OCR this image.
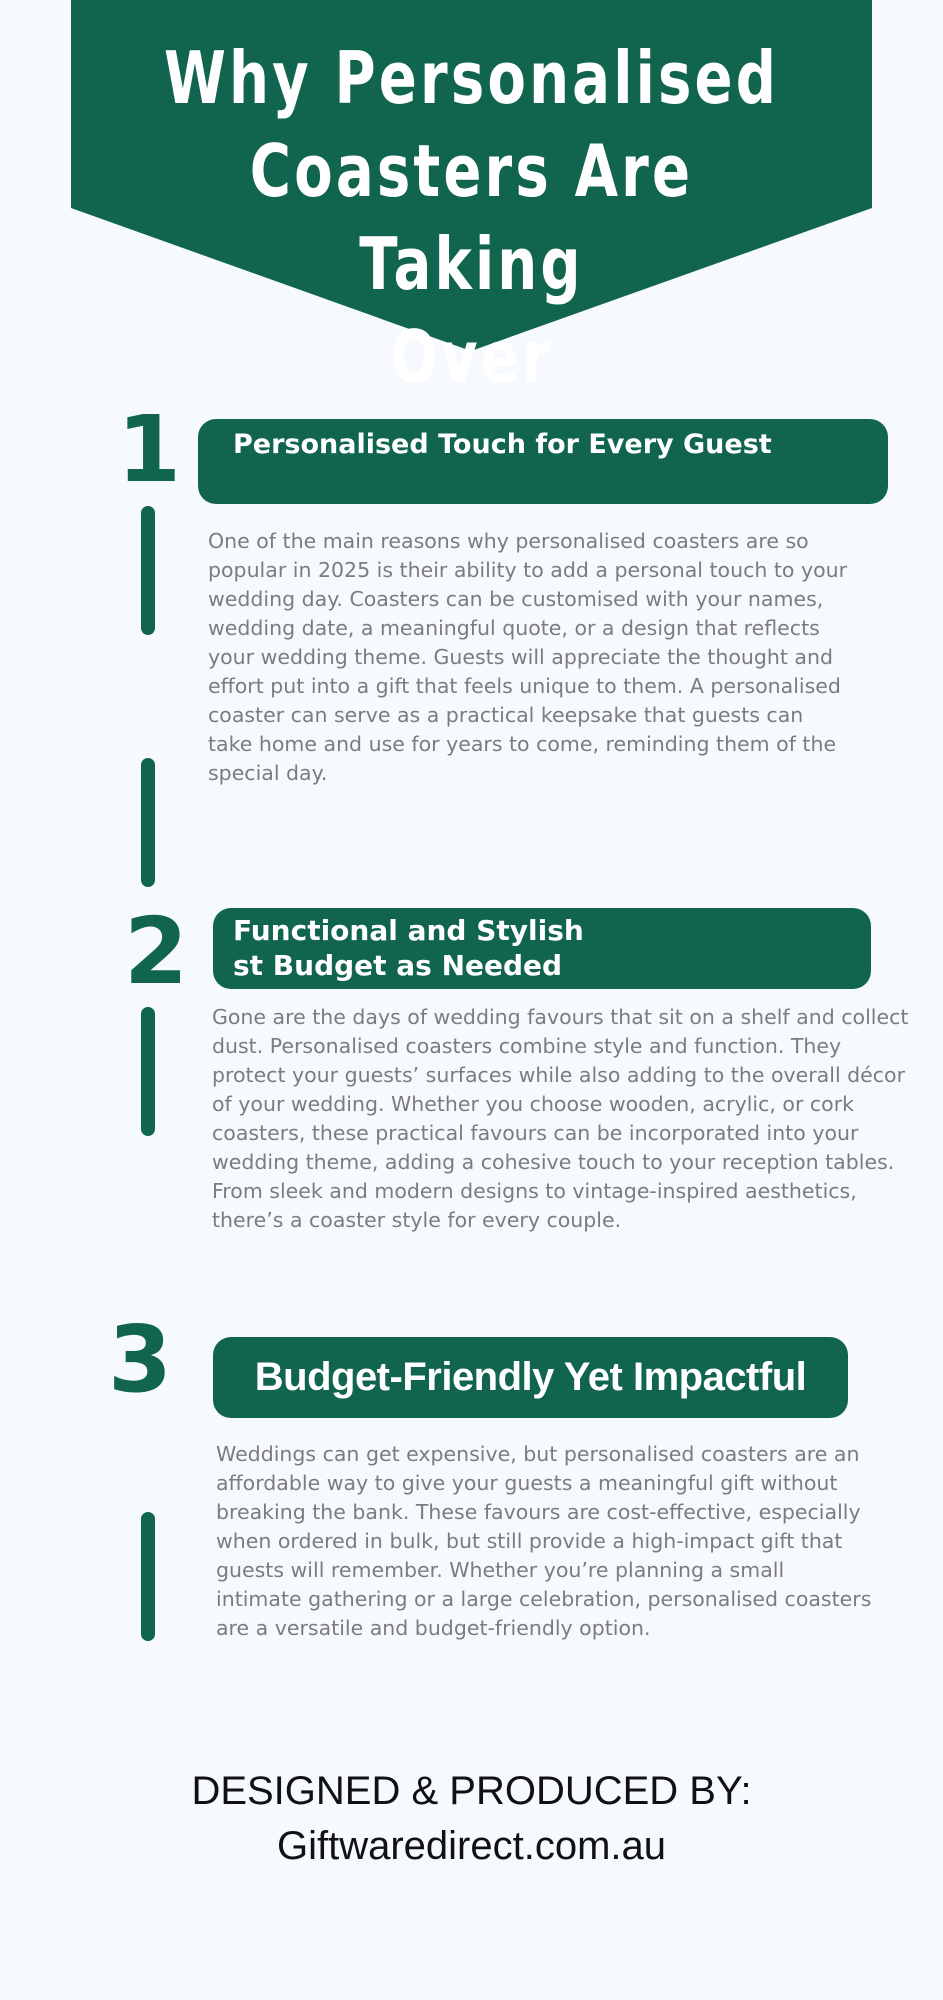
Why Personalised
Coasters Are Taking
Over
1 Personalised Touch for Every Guest

One of the main reasons why personalised coasters are so popular in 2025 is their ability to add a personal touch to your wedding day. Coasters can be customised with your names, wedding date, a meaningful quote, or a design that reflects your wedding theme. Guests will appreciate the thought and effort put into a gift that feels unique to them. A personalised coaster can serve as a practical keepsake that guests can take home and use for years to come, reminding them of the special day.

2 Functional and Stylish
st Budget as Needed

Gone are the days of wedding favours that sit on a shelf and collect dust. Personalised coasters combine style and function. They protect your guests’ surfaces while also adding to the overall décor of your wedding. Whether you choose wooden, acrylic, or cork coasters, these practical favours can be incorporated into your wedding theme, adding a cohesive touch to your reception tables. From sleek and modern designs to vintage-inspired aesthetics, there’s a coaster style for every couple.

3	Budget-Friendly Yet Impactful

Weddings can get expensive, but personalised coasters are an affordable way to give your guests a meaningful gift without breaking the bank. These favours are cost-effective, especially when ordered in bulk, but still provide a high-impact gift that guests will remember. Whether you’re planning a small intimate gathering or a large celebration, personalised coasters are a versatile and budget-friendly option.

DESIGNED & PRODUCED BY:

Giftwaredirect.com.au
